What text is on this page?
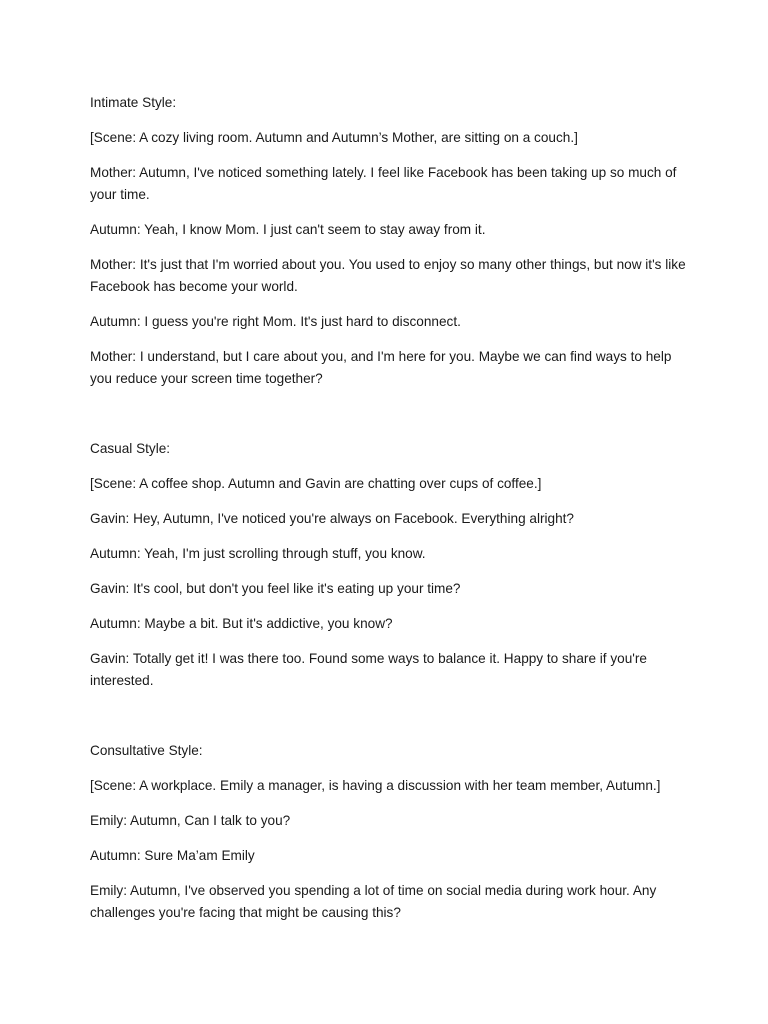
Intimate Style:

[Scene: A cozy living room. Autumn and Autumn’s Mother, are sitting on a couch.]

Mother: Autumn, I've noticed something lately. I feel like Facebook has been taking up so much of your time.

Autumn: Yeah, I know Mom. I just can't seem to stay away from it.

Mother: It's just that I'm worried about you. You used to enjoy so many other things, but now it's like Facebook has become your world.

Autumn: I guess you're right Mom. It's just hard to disconnect.

Mother: I understand, but I care about you, and I'm here for you. Maybe we can find ways to help you reduce your screen time together?

Casual Style:

[Scene: A coffee shop. Autumn and Gavin are chatting over cups of coffee.]

Gavin: Hey, Autumn, I've noticed you're always on Facebook. Everything alright?

Autumn: Yeah, I'm just scrolling through stuff, you know.

Gavin: It's cool, but don't you feel like it's eating up your time?

Autumn: Maybe a bit. But it's addictive, you know?

Gavin: Totally get it! I was there too. Found some ways to balance it. Happy to share if you're interested.

Consultative Style:

[Scene: A workplace. Emily a manager, is having a discussion with her team member, Autumn.]

Emily: Autumn, Can I talk to you?

Autumn: Sure Ma’am Emily

Emily: Autumn, I've observed you spending a lot of time on social media during work hour. Any challenges you're facing that might be causing this?
